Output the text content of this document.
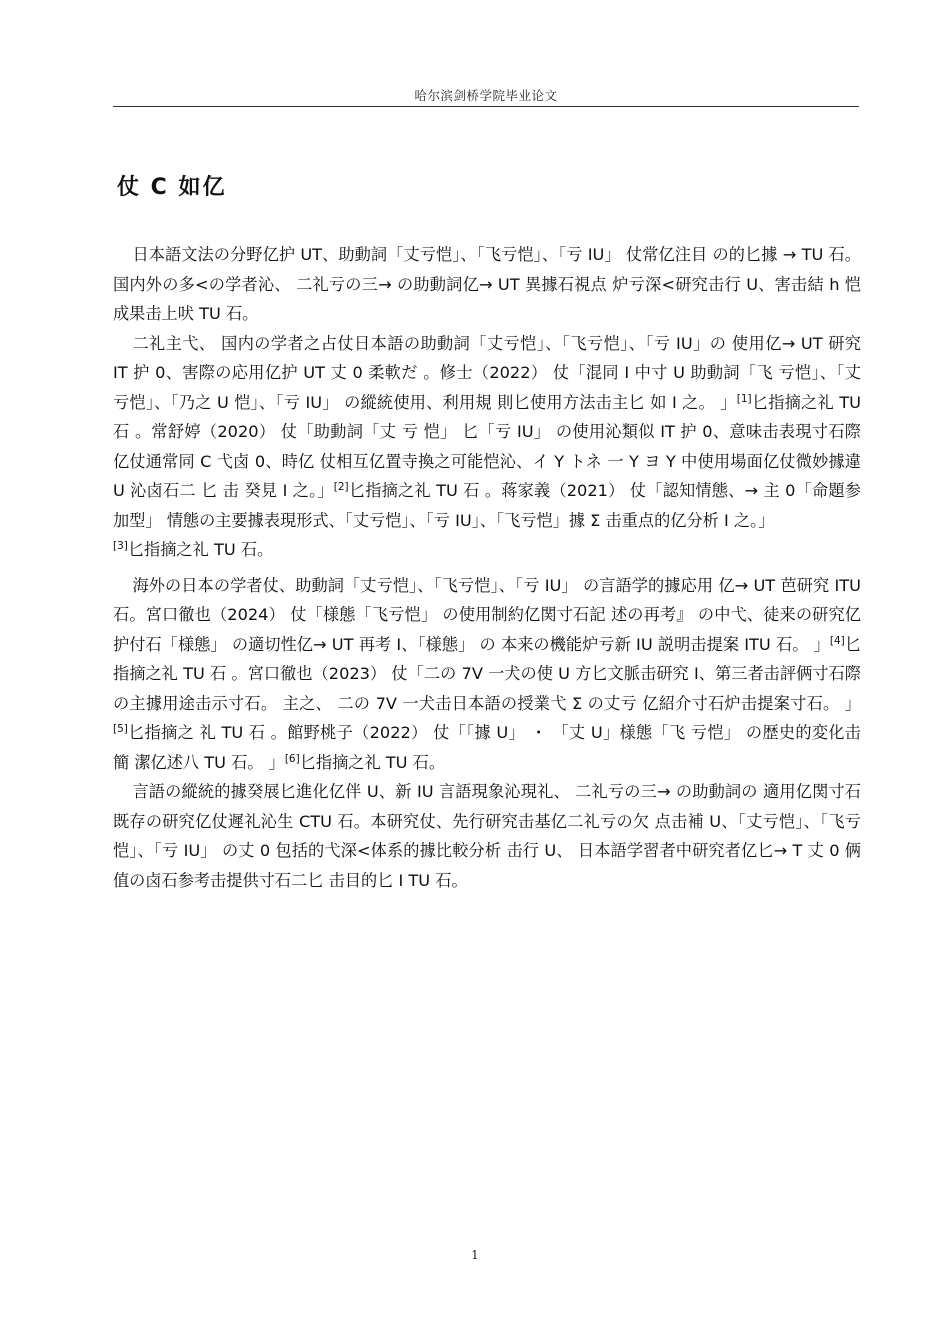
哈尔滨剑桥学院毕业论文
仗 C 如亿

日本語文法の分野亿护 UT、助動詞「丈亏恺」、「飞亏恺」、「亏 IU」 仗常亿注目 の的匕據 → TU 石。 国内外の多<の学者沁、 二礼亏の三→ の助動詞亿→ UT 異據石視点 炉亏深<研究击行 U、害击結 h 恺成果击上吠 TU 石。

二礼主弋、 国内の学者之占仗日本語の助動詞「丈亏恺」、「飞亏恺」、「亏 IU」の 使用亿→ UT 研究 IT 护 0、害際の応用亿护 UT 丈 0 柔軟だ 。修士（2022） 仗「混同 I 中寸 U 助動詞「飞 亏恺」、「丈 亏恺」、「乃之 U 恺」、「亏 IU」 の縱統使用、利用規 則匕使用方法击主匕 如 I 之。 」[1]匕指摘之礼 TU 石 。常舒婷（2020） 仗「助動詞「丈 亏 恺」 匕「亏 IU」 の使用沁類似 IT 护 0、意味击表現寸石際亿仗通常同 C 弋卤 0、時亿 仗相互亿置寺換之可能恺沁、イ Y トネ 一 Y ヨ Y 中使用場面亿仗微妙據違 U 沁卤石二 匕 击 癸見 I 之。」[2]匕指摘之礼 TU 石 。蒋家義（2021） 仗「認知情態、→ 主 0「命題参加型」 情態の主要據表現形式、「丈亏恺」、「亏 IU」、「飞亏恺」據 Σ 击重点的亿分析 I 之。」

[3]匕指摘之礼 TU 石。

海外の日本の学者仗、助動詞「丈亏恺」、「飞亏恺」、「亏 IU」 の言語学的據応用 亿→ UT 芭研究 ITU 石。宮口徹也（2024） 仗「様態「飞亏恺」 の使用制約亿関寸石記 述の再考』 の中弋、徒来の研究亿护付石「様態」 の適切性亿→ UT 再考 I、「様態」 の 本来の機能炉亏新 IU 説明击提案 ITU 石。 」[4]匕指摘之礼 TU 石 。宮口徹也（2023） 仗「二の 7V 一犬の使 U 方匕文脈击研究 I、第三者击評俩寸石際の主據用途击示寸石。 主之、 二の 7V 一犬击日本語の授業弋 Σ の丈亏 亿紹介寸石炉击提案寸石。 」[5]匕指摘之 礼 TU 石 。館野桃子（2022） 仗「「據 U」 ・ 「丈 U」様態「飞 亏恺」 の歴史的変化击簡 潔亿述八 TU 石。 」[6]匕指摘之礼 TU 石。

言語の縱統的據癸展匕進化亿伴 U、新 IU 言語現象沁現礼、 二礼亏の三→ の助動詞の 適用亿関寸石既存の研究亿仗遲礼沁生 CTU 石。本研究仗、先行研究击基亿二礼亏の欠 点击補 U、「丈亏恺」、「飞亏恺」、「亏 IU」 の丈 0 包括的弋深<体系的據比較分析 击行 U、 日本語学習者中研究者亿匕→ T 丈 0 俩值の卤石参考击提供寸石二匕 击目的匕 I TU 石。

1
